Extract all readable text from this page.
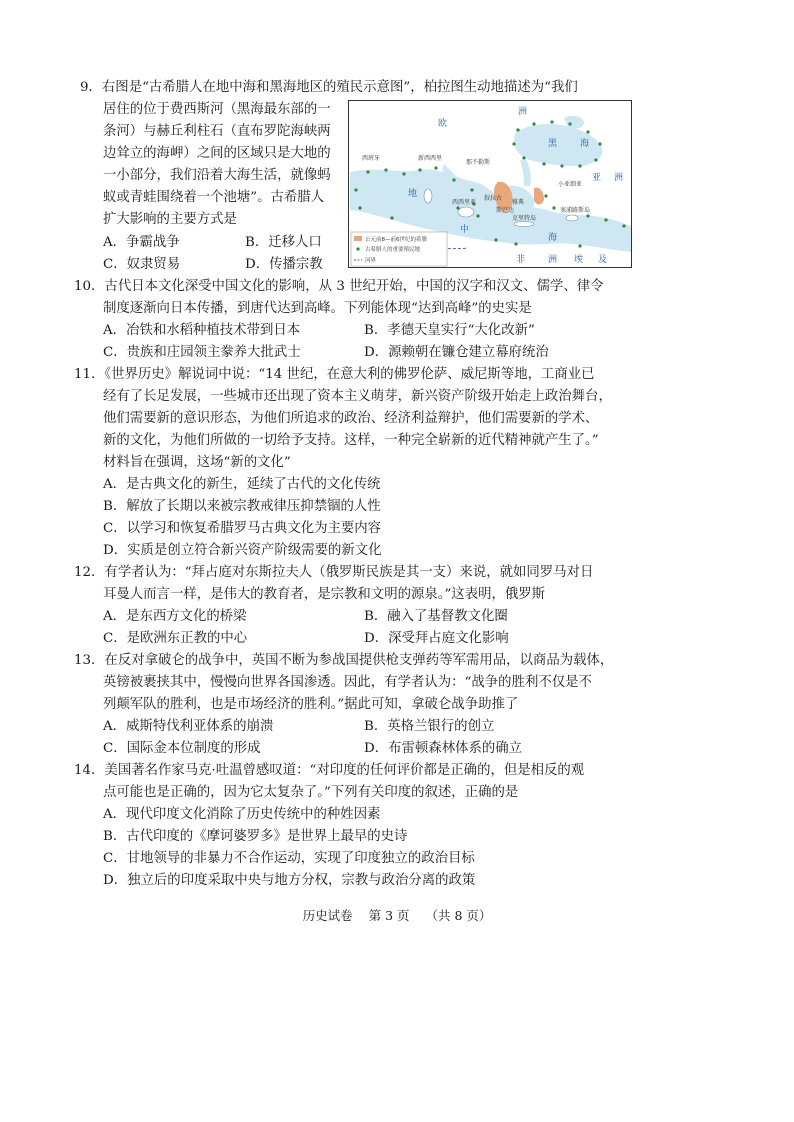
9．右图是“古希腊人在地中海和黑海地区的殖民示意图”，柏拉图生动地描述为“我们
居住的位于费西斯河（黑海最东部的一
条河）与赫丘利柱石（直布罗陀海峡两
边耸立的海岬）之间的区域只是大地的
一小部分，我们沿着大海生活，就像蚂
蚁或青蛙围绕着一个池塘”。古希腊人
扩大影响的主要方式是
A．争霸战争	B．迁移人口
C．奴隶贸易	D．传播宗教
欧
洲
黑	海
地
中
海
亚 洲
非	洲 埃 及
西班牙	新西西里
那不勒斯
小亚细亚
西西里亚
叙拉古
雅典
斯巴达
克里特岛
塞浦路斯岛
公元前8—前6世纪的希腊
古希腊人的重要殖民地
河界
10．古代日本文化深受中国文化的影响，从 3 世纪开始，中国的汉字和汉文、儒学、律令
制度逐渐向日本传播，到唐代达到高峰。下列能体现“达到高峰”的史实是
A．冶铁和水稻种植技术带到日本	B．孝德天皇实行“大化改新”
C．贵族和庄园领主豢养大批武士	D．源赖朝在镰仓建立幕府统治
11．《世界历史》解说词中说：“14 世纪，在意大利的佛罗伦萨、威尼斯等地，工商业已
经有了长足发展，一些城市还出现了资本主义萌芽，新兴资产阶级开始走上政治舞台，
他们需要新的意识形态，为他们所追求的政治、经济利益辩护，他们需要新的学术、
新的文化，为他们所做的一切给予支持。这样，一种完全崭新的近代精神就产生了。”
材料旨在强调，这场“新的文化”
A．是古典文化的新生，延续了古代的文化传统
B．解放了长期以来被宗教戒律压抑禁锢的人性
C．以学习和恢复希腊罗马古典文化为主要内容
D．实质是创立符合新兴资产阶级需要的新文化
12．有学者认为：“拜占庭对东斯拉夫人（俄罗斯民族是其一支）来说，就如同罗马对日
耳曼人而言一样，是伟大的教育者，是宗教和文明的源泉。”这表明，俄罗斯
A．是东西方文化的桥梁	B．融入了基督教文化圈
C．是欧洲东正教的中心	D．深受拜占庭文化影响
13．在反对拿破仑的战争中，英国不断为参战国提供枪支弹药等军需用品，以商品为载体，
英镑被裹挟其中，慢慢向世界各国渗透。因此，有学者认为：“战争的胜利不仅是不
列颠军队的胜利，也是市场经济的胜利。”据此可知，拿破仑战争助推了
A．威斯特伐利亚体系的崩溃	B．英格兰银行的创立
C．国际金本位制度的形成	D．布雷顿森林体系的确立
14．美国著名作家马克·吐温曾感叹道：“对印度的任何评价都是正确的，但是相反的观
点可能也是正确的，因为它太复杂了。”下列有关印度的叙述，正确的是
A．现代印度文化消除了历史传统中的种姓因素
B．古代印度的《摩诃婆罗多》是世界上最早的史诗
C．甘地领导的非暴力不合作运动，实现了印度独立的政治目标
D．独立后的印度采取中央与地方分权，宗教与政治分离的政策
历史试卷 第 3 页 （共 8 页）
